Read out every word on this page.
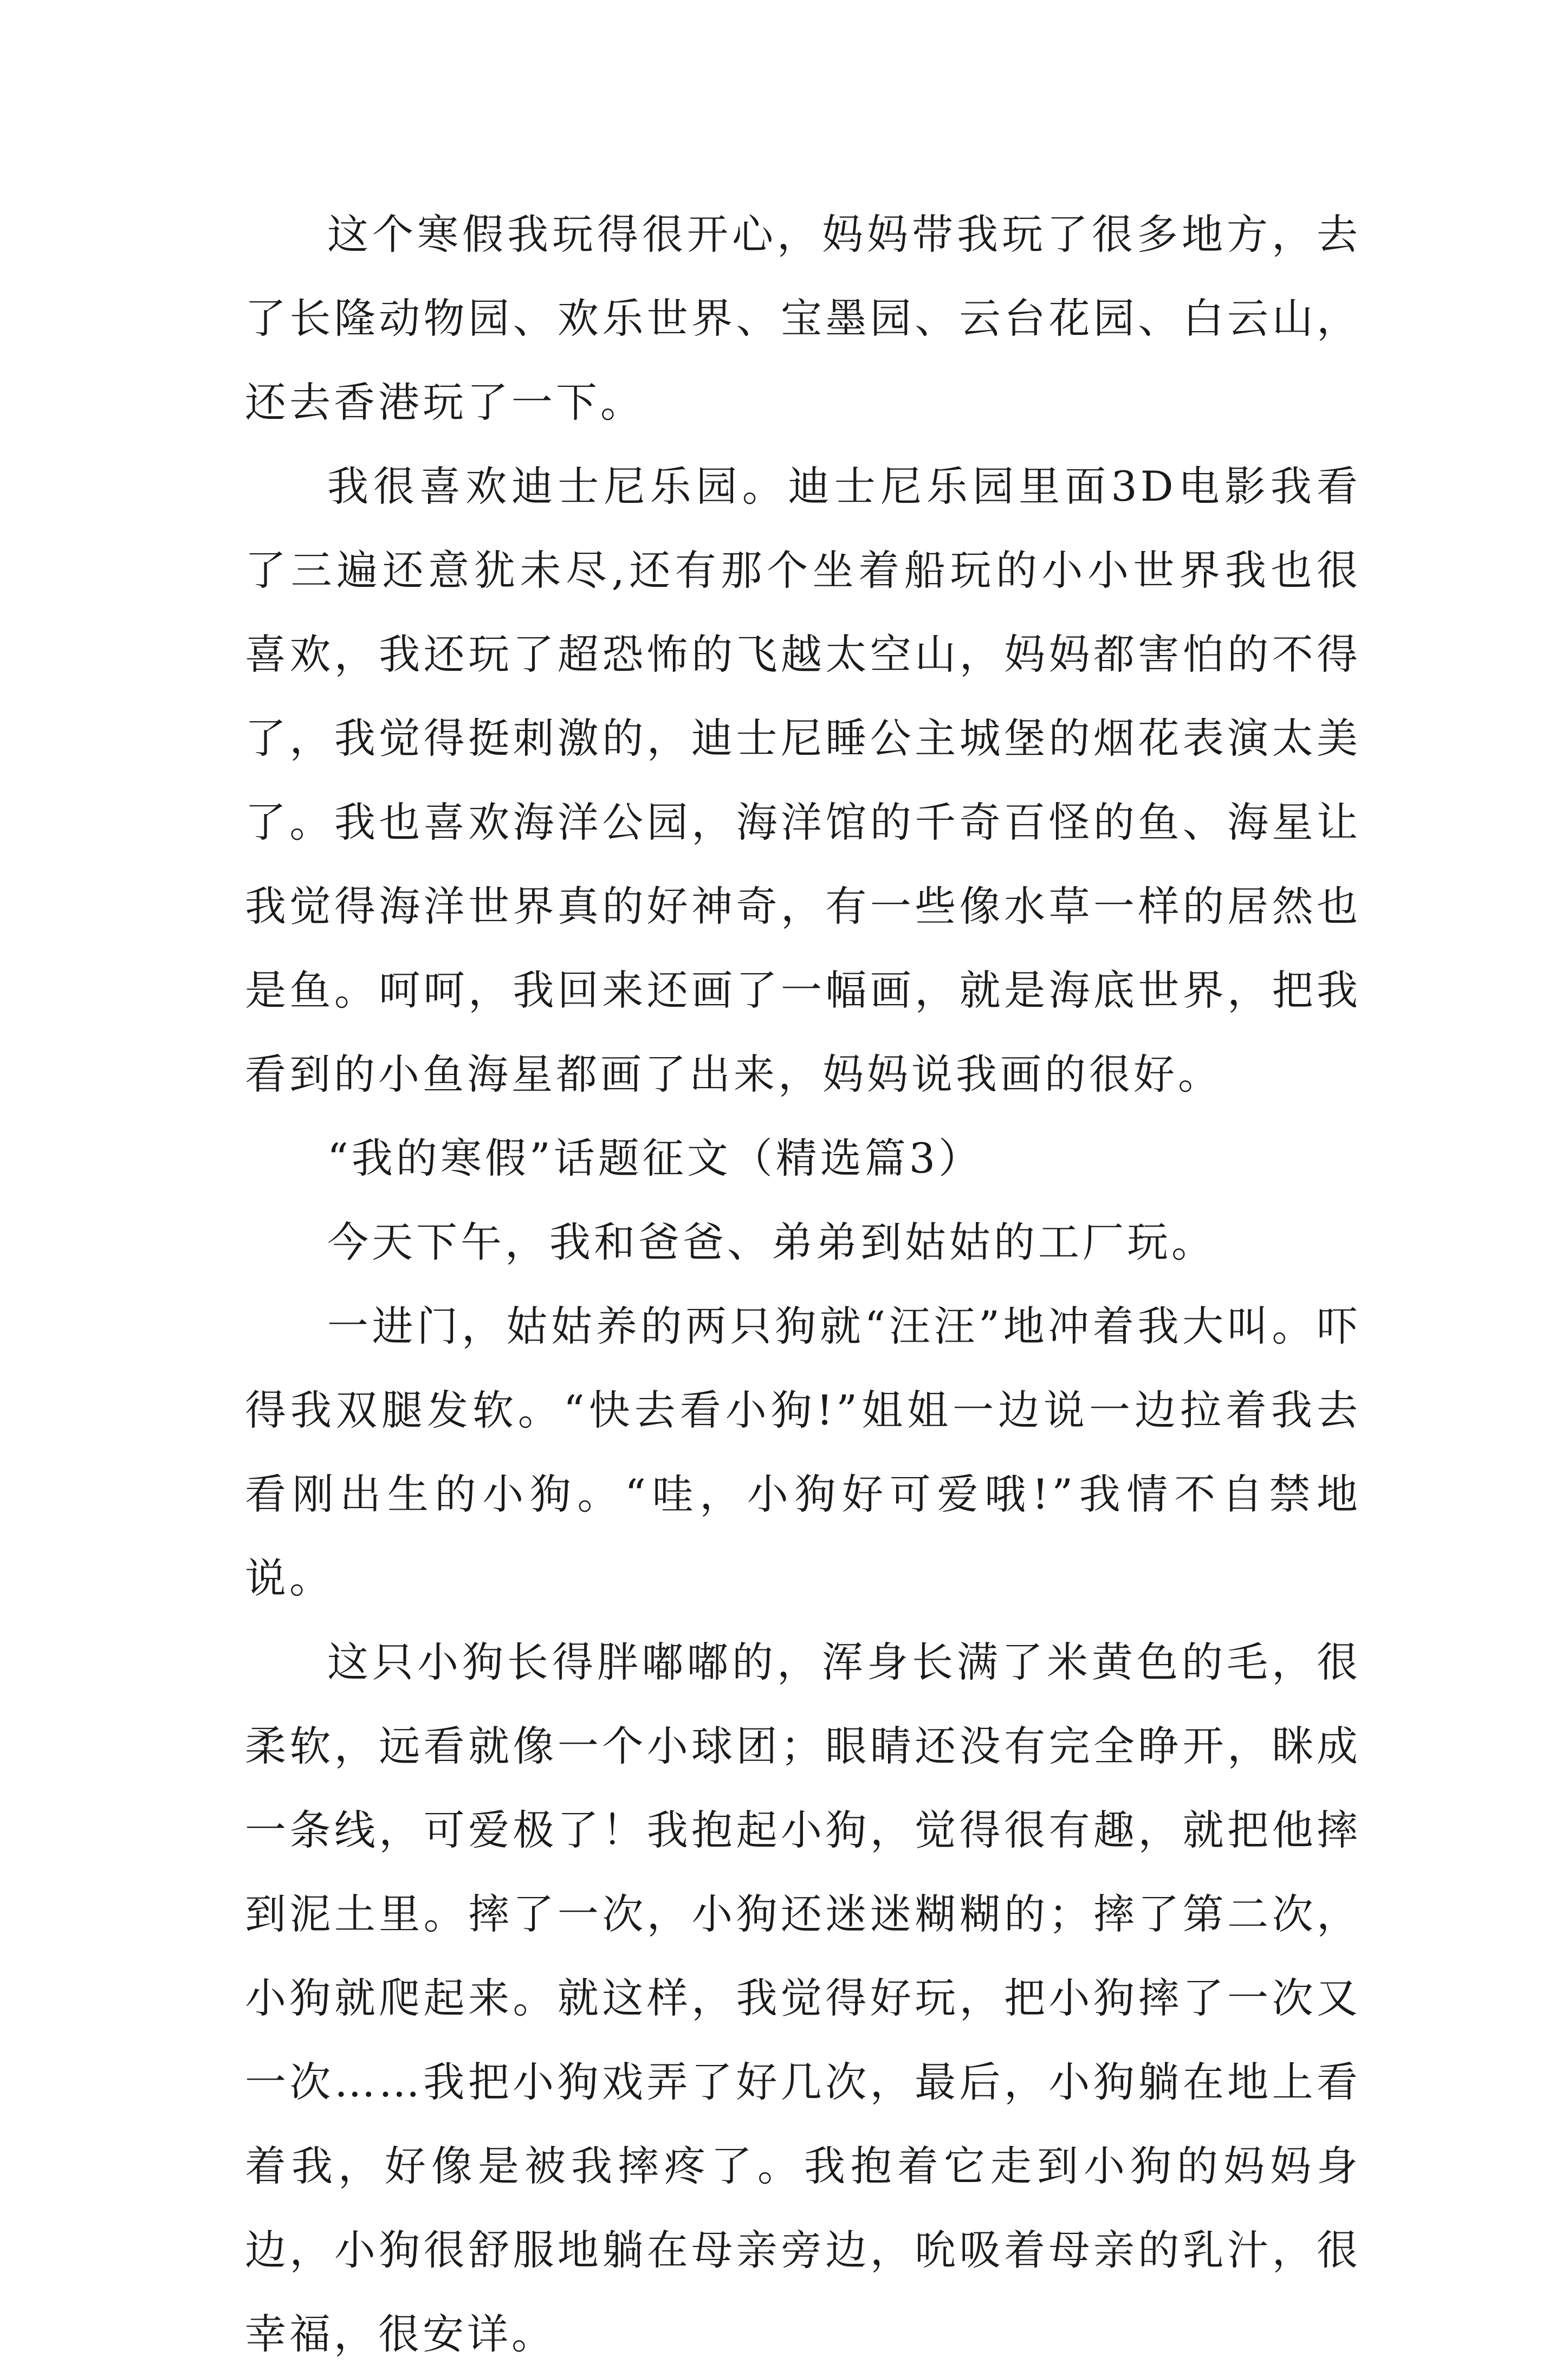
这个寒假我玩得很开心，妈妈带我玩了很多地方，去了长隆动物园、欢乐世界、宝墨园、云台花园、白云山，还去香港玩了一下。

我很喜欢迪士尼乐园。迪士尼乐园里面3D电影我看了三遍还意犹未尽,还有那个坐着船玩的小小世界我也很喜欢，我还玩了超恐怖的飞越太空山，妈妈都害怕的不得了，我觉得挺刺激的，迪士尼睡公主城堡的烟花表演太美了。我也喜欢海洋公园，海洋馆的千奇百怪的鱼、海星让我觉得海洋世界真的好神奇，有一些像水草一样的居然也是鱼。呵呵，我回来还画了一幅画，就是海底世界，把我看到的小鱼海星都画了出来，妈妈说我画的很好。

“我的寒假”话题征文（精选篇3）

今天下午，我和爸爸、弟弟到姑姑的工厂玩。

一进门，姑姑养的两只狗就“汪汪”地冲着我大叫。吓得我双腿发软。“快去看小狗!”姐姐一边说一边拉着我去看刚出生的小狗。“哇，小狗好可爱哦!”我情不自禁地说。

这只小狗长得胖嘟嘟的，浑身长满了米黄色的毛，很柔软，远看就像一个小球团；眼睛还没有完全睁开，眯成一条线，可爱极了！我抱起小狗，觉得很有趣，就把他摔到泥土里。摔了一次，小狗还迷迷糊糊的；摔了第二次，小狗就爬起来。就这样，我觉得好玩，把小狗摔了一次又一次……我把小狗戏弄了好几次，最后，小狗躺在地上看着我，好像是被我摔疼了。我抱着它走到小狗的妈妈身边，小狗很舒服地躺在母亲旁边，吮吸着母亲的乳汁，很幸福，很安详。
